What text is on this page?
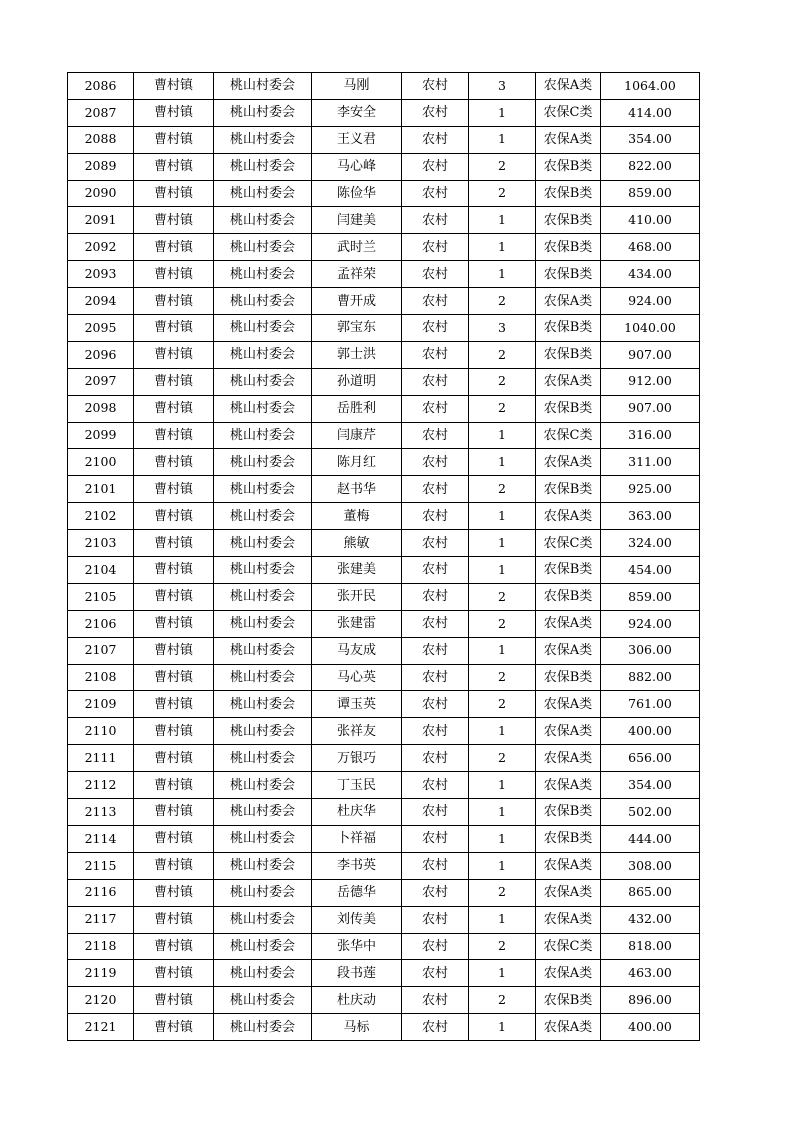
2086	曹村镇	桃山村委会	马刚	农村	3	农保A类	1064.00
2087	曹村镇	桃山村委会	李安全	农村	1	农保C类	414.00
2088	曹村镇	桃山村委会	王义君	农村	1	农保A类	354.00
2089	曹村镇	桃山村委会	马心峰	农村	2	农保B类	822.00
2090	曹村镇	桃山村委会	陈俭华	农村	2	农保B类	859.00
2091	曹村镇	桃山村委会	闫建美	农村	1	农保B类	410.00
2092	曹村镇	桃山村委会	武时兰	农村	1	农保B类	468.00
2093	曹村镇	桃山村委会	孟祥荣	农村	1	农保B类	434.00
2094	曹村镇	桃山村委会	曹开成	农村	2	农保A类	924.00
2095	曹村镇	桃山村委会	郭宝东	农村	3	农保B类	1040.00
2096	曹村镇	桃山村委会	郭士洪	农村	2	农保B类	907.00
2097	曹村镇	桃山村委会	孙道明	农村	2	农保A类	912.00
2098	曹村镇	桃山村委会	岳胜利	农村	2	农保B类	907.00
2099	曹村镇	桃山村委会	闫康芹	农村	1	农保C类	316.00
2100	曹村镇	桃山村委会	陈月红	农村	1	农保A类	311.00
2101	曹村镇	桃山村委会	赵书华	农村	2	农保B类	925.00
2102	曹村镇	桃山村委会	董梅	农村	1	农保A类	363.00
2103	曹村镇	桃山村委会	熊敏	农村	1	农保C类	324.00
2104	曹村镇	桃山村委会	张建美	农村	1	农保B类	454.00
2105	曹村镇	桃山村委会	张开民	农村	2	农保B类	859.00
2106	曹村镇	桃山村委会	张建雷	农村	2	农保A类	924.00
2107	曹村镇	桃山村委会	马友成	农村	1	农保A类	306.00
2108	曹村镇	桃山村委会	马心英	农村	2	农保B类	882.00
2109	曹村镇	桃山村委会	谭玉英	农村	2	农保A类	761.00
2110	曹村镇	桃山村委会	张祥友	农村	1	农保A类	400.00
2111	曹村镇	桃山村委会	万银巧	农村	2	农保A类	656.00
2112	曹村镇	桃山村委会	丁玉民	农村	1	农保A类	354.00
2113	曹村镇	桃山村委会	杜庆华	农村	1	农保B类	502.00
2114	曹村镇	桃山村委会	卜祥福	农村	1	农保B类	444.00
2115	曹村镇	桃山村委会	李书英	农村	1	农保A类	308.00
2116	曹村镇	桃山村委会	岳德华	农村	2	农保A类	865.00
2117	曹村镇	桃山村委会	刘传美	农村	1	农保A类	432.00
2118	曹村镇	桃山村委会	张华中	农村	2	农保C类	818.00
2119	曹村镇	桃山村委会	段书莲	农村	1	农保A类	463.00
2120	曹村镇	桃山村委会	杜庆动	农村	2	农保B类	896.00
2121	曹村镇	桃山村委会	马标	农村	1	农保A类	400.00
